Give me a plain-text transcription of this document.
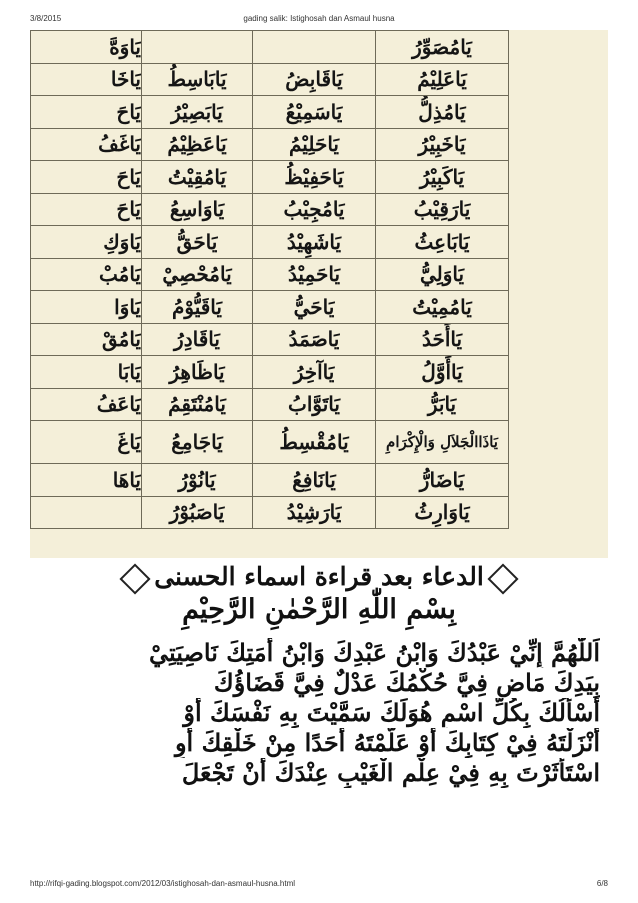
3/8/2015	gading salik: Istighosah dan Asmaul husna
يَامُصَوِّرُ			يَاوَهَّ
يَاعَلِيْمُ	يَاقَابِضُ	يَابَاسِطُ	يَاخَا
يَامُذِلُّ	يَاسَمِيْعُ	يَابَصِيْرُ	يَاحَ
يَاخَبِيْرُ	يَاحَلِيْمُ	يَاعَظِيْمُ	يَاغَفُ
يَاكَبِيْرُ	يَاحَفِيْظُ	يَامُقِيْتُ	يَاحَ
يَارَقِيْبُ	يَامُجِيْبُ	يَاوَاسِعُ	يَاحَ
يَابَاعِثُ	يَاشَهِيْدُ	يَاحَقُّ	يَاوَكِ
يَاوَلِيُّ	يَاحَمِيْدُ	يَامُحْصِيْ	يَامُبْ
يَامُمِيْتُ	يَاحَيُّ	يَاقَيُّوْمُ	يَاوَا
يَاأَحَدُ	يَاصَمَدُ	يَاقَادِرُ	يَامُقْ
يَاأَوَّلُ	يَاآخِرُ	يَاظَاهِرُ	يَابَا
يَابَرُّ	يَاتَوَّابُ	يَامُنْتَقِمُ	يَاعَفُ
يَاذَاالْجَلاَلِ وَالْإِكْرَامِ	يَامُقْسِطُ	يَاجَامِعُ	يَاغَ
يَاضَارُّ	يَانَافِعُ	يَانُوْرُ	يَاهَا
يَاوَارِثُ	يَارَشِيْدُ	يَاصَبُوْرُ	
الدعاء بعد قراءة اسماء الحسنى
بِسْمِ اللّٰهِ الرَّحْمٰنِ الرَّحِيْمِ
اَللّٰهُمَّ إِنِّيْ عَبْدُكَ وَابْنُ عَبْدِكَ وَابْنُ أَمَتِكَ نَاصِيَتِيْ
بِيَدِكَ مَاضٍ فِيَّ حُكْمُكَ عَدْلٌ فِيَّ قَضَاؤُكَ
أَسْأَلُكَ بِكُلِّ اسْمٍ هُوَلَكَ سَمَّيْتَ بِهِ نَفْسَكَ أَوْ
أَنْزَلْتَهُ فِيْ كِتَابِكَ أَوْ عَلَّمْتَهُ أَحَدًا مِنْ خَلْقِكَ أَوِ
اسْتَأْثَرْتَ بِهِ فِيْ عِلْمِ الْغَيْبِ عِنْدَكَ أَنْ تَجْعَلَ
http://rifqi-gading.blogspot.com/2012/03/istighosah-dan-asmaul-husna.html	6/8
